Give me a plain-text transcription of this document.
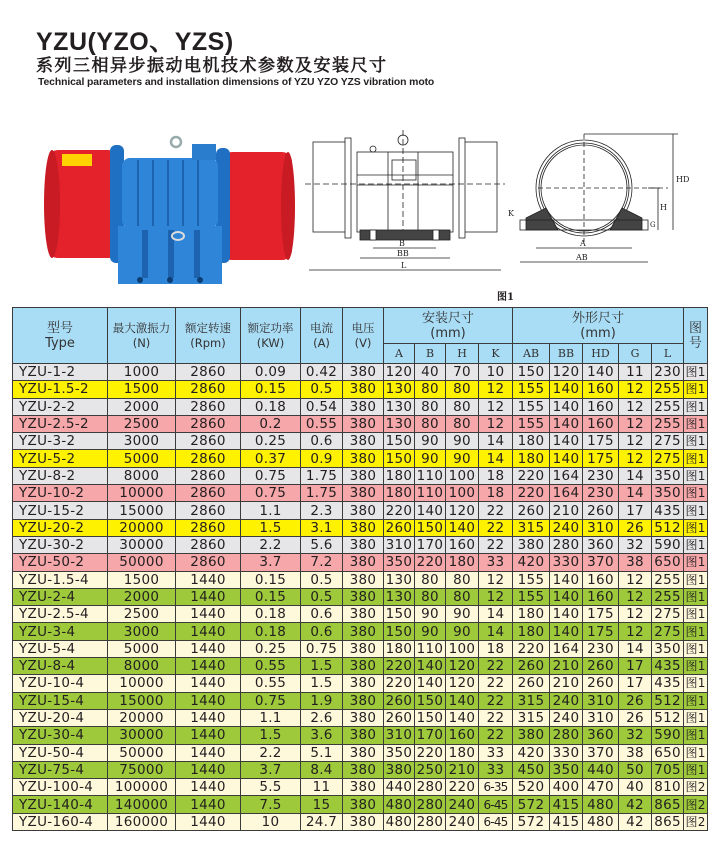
YZU(YZO、YZS)
系列三相异步振动电机技术参数及安装尺寸
Technical parameters and installation dimensions of YZU YZO YZS vibration moto
B
BB
L
HD
H
K
G
A
AB
图1
型号
Type

最大激振力
(N)

额定转速
(Rpm)

额定功率
(KW)

电流
(A)

电压
(V)

安装尺寸
(mm)

外形尺寸
(mm)	图
号

						A	B	H	K	AB	BB	HD	G	L	
YZU-1-2	1000	2860	0.09	0.42	380	120	40	70	10	150	120	140	11	230	图1
YZU-1.5-2	1500	2860	0.15	0.5	380	130	80	80	12	155	140	160	12	255	图1
YZU-2-2	2000	2860	0.18	0.54	380	130	80	80	12	155	140	160	12	255	图1
YZU-2.5-2	2500	2860	0.2	0.55	380	130	80	80	12	155	140	160	12	255	图1
YZU-3-2	3000	2860	0.25	0.6	380	150	90	90	14	180	140	175	12	275	图1
YZU-5-2	5000	2860	0.37	0.9	380	150	90	90	14	180	140	175	12	275	图1
YZU-8-2	8000	2860	0.75	1.75	380	180	110	100	18	220	164	230	14	350	图1
YZU-10-2	10000	2860	0.75	1.75	380	180	110	100	18	220	164	230	14	350	图1
YZU-15-2	15000	2860	1.1	2.3	380	220	140	120	22	260	210	260	17	435	图1
YZU-20-2	20000	2860	1.5	3.1	380	260	150	140	22	315	240	310	26	512	图1
YZU-30-2	30000	2860	2.2	5.6	380	310	170	160	22	380	280	360	32	590	图1
YZU-50-2	50000	2860	3.7	7.2	380	350	220	180	33	420	330	370	38	650	图1
YZU-1.5-4	1500	1440	0.15	0.5	380	130	80	80	12	155	140	160	12	255	图1
YZU-2-4	2000	1440	0.15	0.5	380	130	80	80	12	155	140	160	12	255	图1
YZU-2.5-4	2500	1440	0.18	0.6	380	150	90	90	14	180	140	175	12	275	图1
YZU-3-4	3000	1440	0.18	0.6	380	150	90	90	14	180	140	175	12	275	图1
YZU-5-4	5000	1440	0.25	0.75	380	180	110	100	18	220	164	230	14	350	图1
YZU-8-4	8000	1440	0.55	1.5	380	220	140	120	22	260	210	260	17	435	图1
YZU-10-4	10000	1440	0.55	1.5	380	220	140	120	22	260	210	260	17	435	图1
YZU-15-4	15000	1440	0.75	1.9	380	260	150	140	22	315	240	310	26	512	图1
YZU-20-4	20000	1440	1.1	2.6	380	260	150	140	22	315	240	310	26	512	图1
YZU-30-4	30000	1440	1.5	3.6	380	310	170	160	22	380	280	360	32	590	图1
YZU-50-4	50000	1440	2.2	5.1	380	350	220	180	33	420	330	370	38	650	图1
YZU-75-4	75000	1440	3.7	8.4	380	380	250	210	33	450	350	440	50	705	图1
YZU-100-4	100000	1440	5.5	11	380	440	280	220	6-35	520	400	470	40	810	图2
YZU-140-4	140000	1440	7.5	15	380	480	280	240	6-45	572	415	480	42	865	图2
YZU-160-4	160000	1440	10	24.7	380	480	280	240	6-45	572	415	480	42	865	图2
